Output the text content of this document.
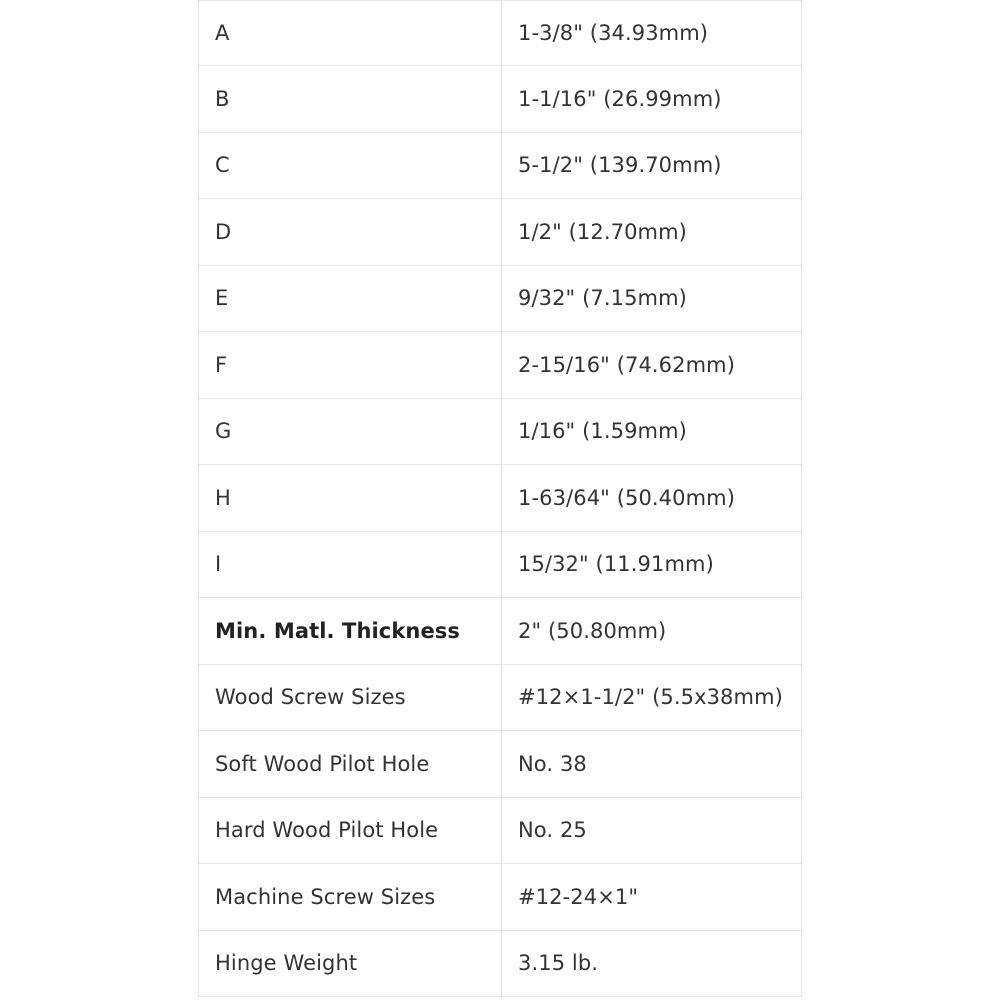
A	1-3/8" (34.93mm)
B	1-1/16" (26.99mm)
C	5-1/2" (139.70mm)
D	1/2" (12.70mm)
E	9/32" (7.15mm)
F	2-15/16" (74.62mm)
G	1/16" (1.59mm)
H	1-63/64" (50.40mm)
I	15/32" (11.91mm)
Min. Matl. Thickness	2" (50.80mm)
Wood Screw Sizes	#12×1-1/2" (5.5x38mm)
Soft Wood Pilot Hole	No. 38
Hard Wood Pilot Hole	No. 25
Machine Screw Sizes	#12-24×1"
Hinge Weight	3.15 lb.
